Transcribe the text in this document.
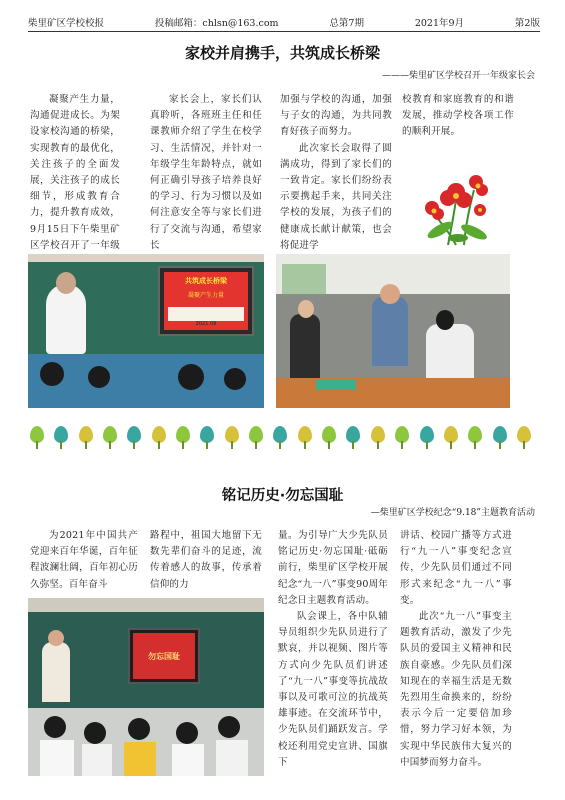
柴里矿区学校校报	投稿邮箱：chlsn@163.com	总第7期	2021年9月	第2版
家校并肩携手，共筑成长桥梁
———柴里矿区学校召开一年级家长会

凝聚产生力量，沟通促进成长。为架设家校沟通的桥梁，实现教育的最优化，关注孩子的全面发展，关注孩子的成长细节，形成教育合力，提升教育成效，9月15日下午柴里矿区学校召开了一年级

家长会上，家长们认真聆听，各班班主任和任课教师介绍了学生在校学习、生活情况，并针对一年级学生年龄特点，就如何正确引导孩子培养良好的学习、行为习惯以及如何注意安全等与家长们进行了交流与沟通，希望家长

加强与学校的沟通，加强与子女的沟通，为共同教育好孩子而努力。

此次家长会取得了圆满成功，得到了家长们的一致肯定。家长们纷纷表示要携起手来，共同关注学校的发展，为孩子们的健康成长献计献策，也会将促进学

校教育和家庭教育的和谐发展，推动学校各项工作的顺利开展。

共筑成长桥梁
凝聚产生力量
2021.09
铭记历史·勿忘国耻
—柴里矿区学校纪念“9.18”主题教育活动

为2021年中国共产党迎来百年华诞，百年征程波澜壮阔，百年初心历久弥坚。百年奋斗

路程中，祖国大地留下无数先辈们奋斗的足迹，流传着感人的故事，传承着信仰的力

量。为引导广大少先队员铭记历史·勿忘国耻·砥砺前行，柴里矿区学校开展纪念“九一八”事变90周年纪念日主题教育活动。

队会课上，各中队辅导员组织少先队员进行了默哀，并以视频、图片等方式向少先队员们讲述了“九一八”事变等抗战故事以及可歌可泣的抗战英雄事迹。在交流环节中，少先队员们踊跃发言。学校还利用党史宣讲、国旗下

讲话、校园广播等方式进行“九一八”事变纪念宣传，少先队员们通过不同形式来纪念“九一八”事变。

此次“九一八”事变主题教育活动，激发了少先队员的爱国主义精神和民族自豪感。少先队员们深知现在的幸福生活是无数先烈用生命换来的，纷纷表示今后一定要倍加珍惜，努力学习好本领，为实现中华民族伟大复兴的中国梦而努力奋斗。

勿忘国耻
